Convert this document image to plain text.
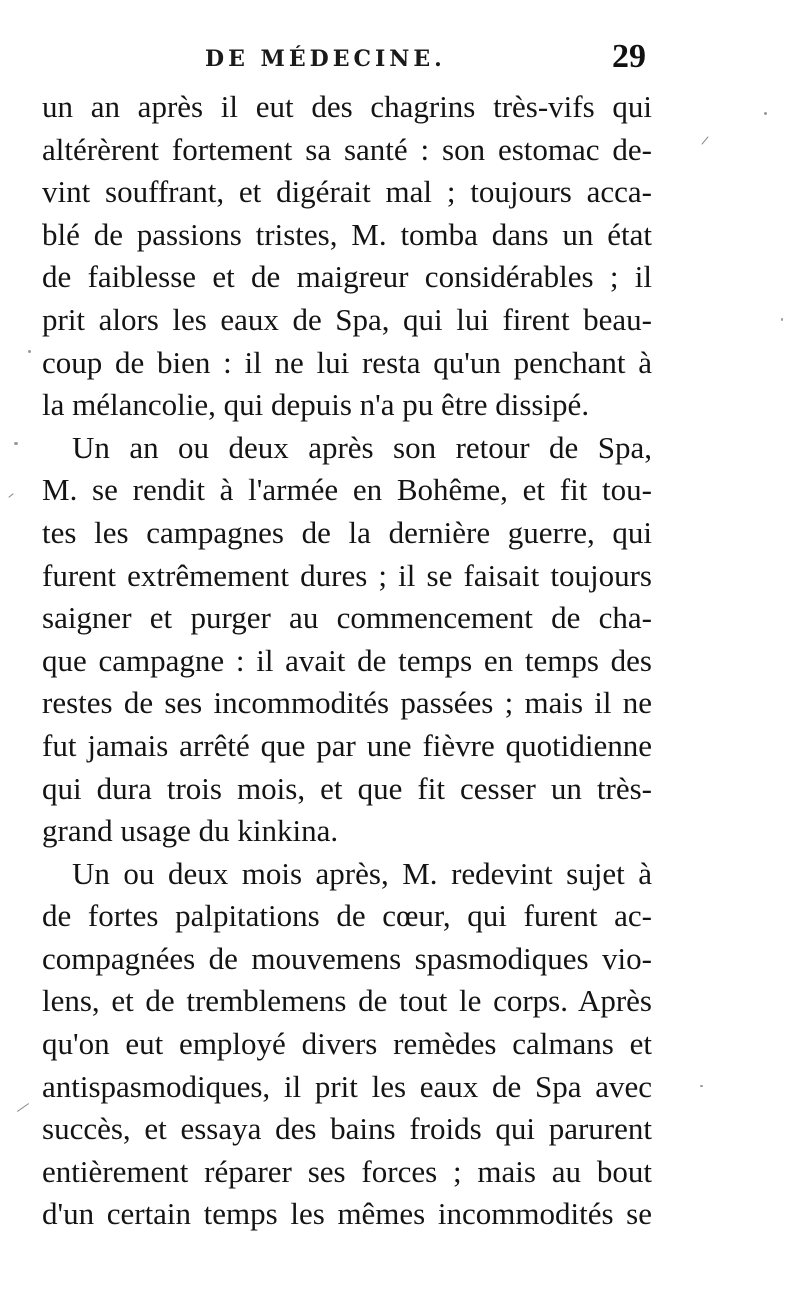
DE MÉDECINE.	29
un an après il eut des chagrins très-vifs qui
altérèrent fortement sa santé : son estomac de-
vint souffrant, et digérait mal ; toujours acca-
blé de passions tristes, M. tomba dans un état
de faiblesse et de maigreur considérables ; il
prit alors les eaux de Spa, qui lui firent beau-
coup de bien : il ne lui resta qu'un penchant à
la mélancolie, qui depuis n'a pu être dissipé.
Un an ou deux après son retour de Spa,
M. se rendit à l'armée en Bohême, et fit tou-
tes les campagnes de la dernière guerre, qui
furent extrêmement dures ; il se faisait toujours
saigner et purger au commencement de cha-
que campagne : il avait de temps en temps des
restes de ses incommodités passées ; mais il ne
fut jamais arrêté que par une fièvre quotidienne
qui dura trois mois, et que fit cesser un très-
grand usage du kinkina.
Un ou deux mois après, M. redevint sujet à
de fortes palpitations de cœur, qui furent ac-
compagnées de mouvemens spasmodiques vio-
lens, et de tremblemens de tout le corps. Après
qu'on eut employé divers remèdes calmans et
antispasmodiques, il prit les eaux de Spa avec
succès, et essaya des bains froids qui parurent
entièrement réparer ses forces ; mais au bout
d'un certain temps les mêmes incommodités se
